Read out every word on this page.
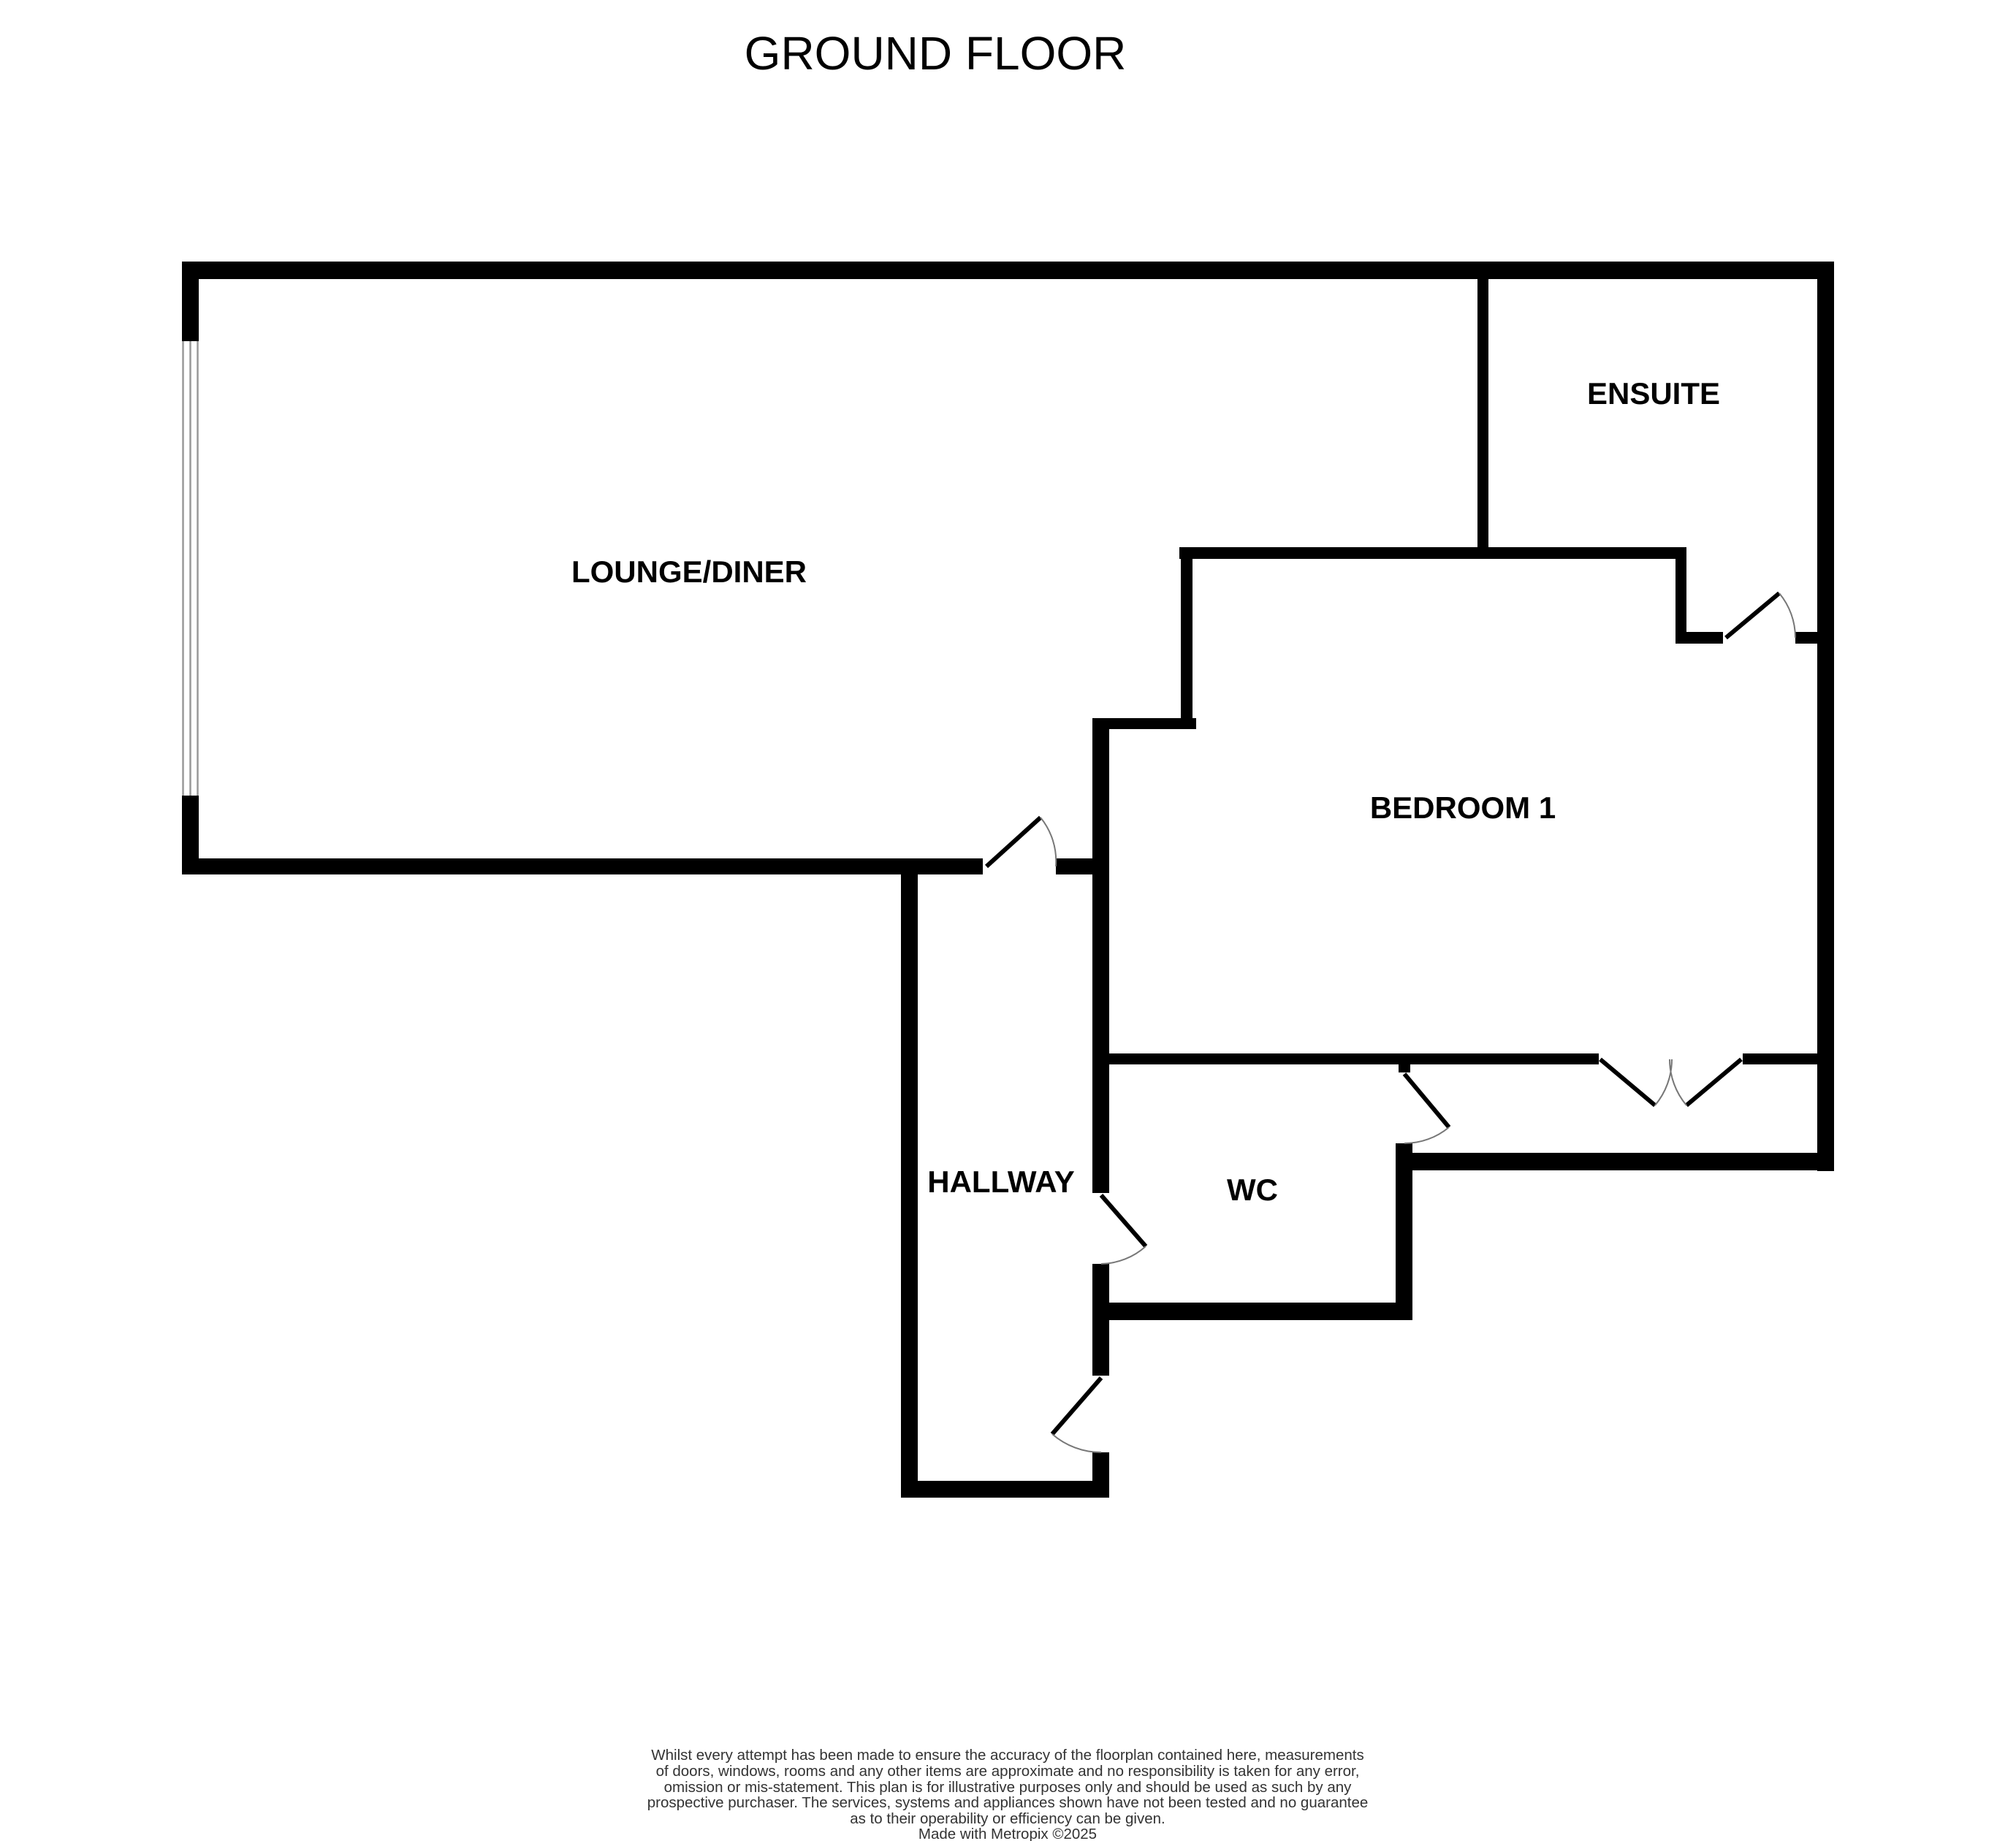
GROUND FLOOR
LOUNGE/DINER
ENSUITE
BEDROOM 1
HALLWAY	WC
Whilst every attempt has been made to ensure the accuracy of the floorplan contained here, measurements
of doors, windows, rooms and any other items are approximate and no responsibility is taken for any error,
omission or mis-statement. This plan is for illustrative purposes only and should be used as such by any
prospective purchaser. The services, systems and appliances shown have not been tested and no guarantee
as to their operability or efficiency can be given.
Made with Metropix ©2025
